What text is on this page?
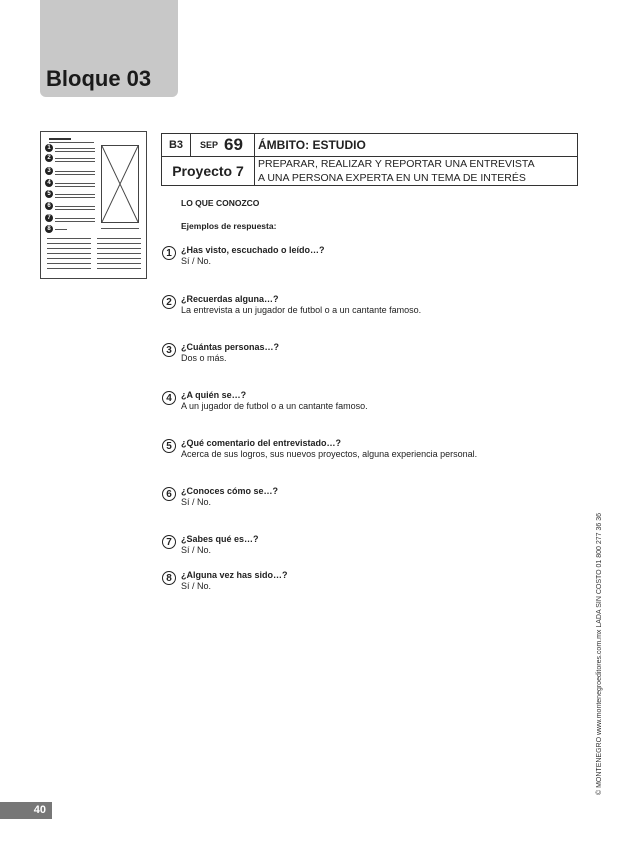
Bloque 03
1
2
3
4
5
6
7
8
B3	SEP 69	ÁMBITO: ESTUDIO
Proyecto 7	PREPARAR, REALIZAR Y REPORTAR UNA ENTREVISTA
A UNA PERSONA EXPERTA EN UN TEMA DE INTERÉS
LO QUE CONOZCO
Ejemplos de respuesta:
1	¿Has visto, escuchado o leído…?
Sí / No.
2	¿Recuerdas alguna…?
La entrevista a un jugador de futbol o a un cantante famoso.
3	¿Cuántas personas…?
Dos o más.
4	¿A quién se…?
A un jugador de futbol o a un cantante famoso.
5	¿Qué comentario del entrevistado…?
Acerca de sus logros, sus nuevos proyectos, alguna experiencia personal.
6	¿Conoces cómo se…?
Sí / No.
7	¿Sabes qué es…?
Sí / No.
8	¿Alguna vez has sido…?
Sí / No.	© MONTENEGRO www.montenegroeditores.com.mx LADA SIN COSTO 01 800 277 36 36
40
